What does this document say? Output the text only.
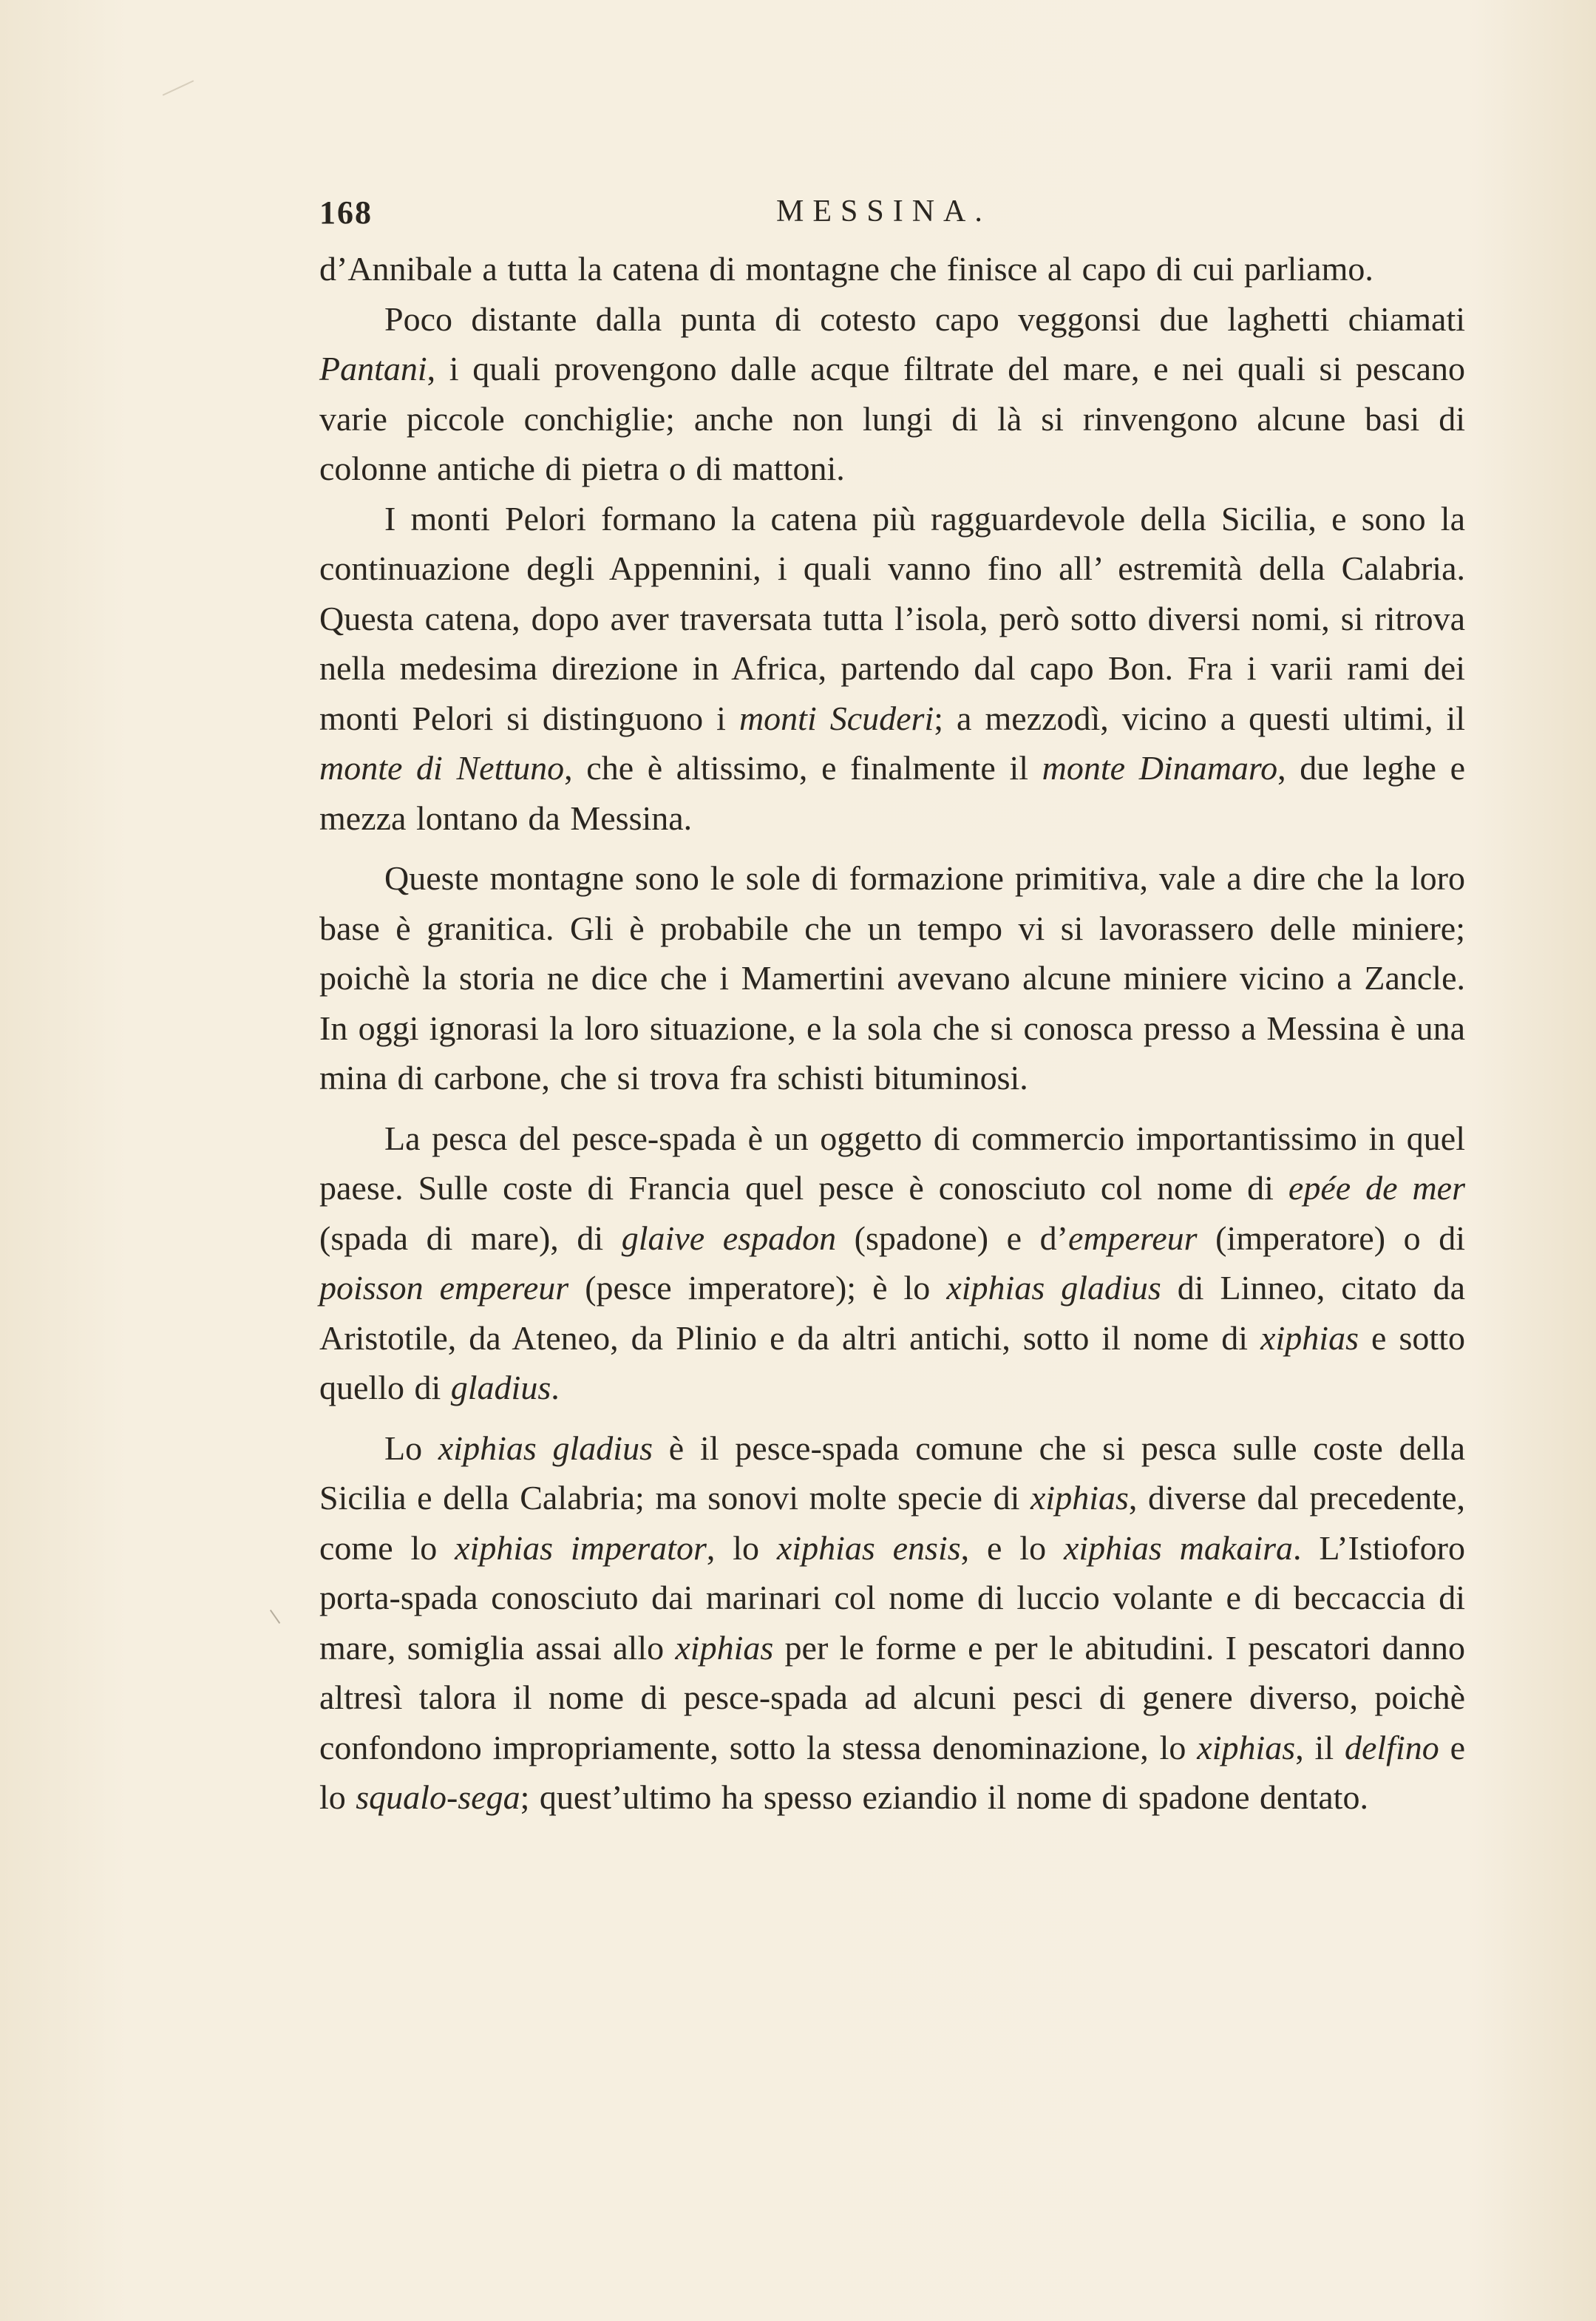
168	MESSINA.

d’Annibale a tutta la catena di montagne che finisce al capo di cui parliamo.

Poco distante dalla punta di cotesto capo veggonsi due laghetti chiamati Pantani, i quali provengono dalle acque filtrate del mare, e nei quali si pescano varie piccole conchiglie; anche non lungi di là si rinvengono alcune basi di colonne antiche di pietra o di mattoni.

I monti Pelori formano la catena più ragguardevole della Sicilia, e sono la continuazione degli Appennini, i quali vanno fino all’ estremità della Calabria. Questa catena, dopo aver traversata tutta l’isola, però sotto diversi nomi, si ritrova nella medesima direzione in Africa, partendo dal capo Bon. Fra i varii rami dei monti Pelori si distinguono i monti Scuderi; a mezzodì, vicino a questi ultimi, il monte di Nettuno, che è altissimo, e finalmente il monte Dinamaro, due leghe e mezza lontano da Messina.

Queste montagne sono le sole di formazione primitiva, vale a dire che la loro base è granitica. Gli è probabile che un tempo vi si lavorassero delle miniere; poichè la storia ne dice che i Mamertini avevano alcune miniere vicino a Zancle. In oggi ignorasi la loro situazione, e la sola che si conosca presso a Messina è una mina di carbone, che si trova fra schisti bituminosi.

La pesca del pesce-spada è un oggetto di commercio importantissimo in quel paese. Sulle coste di Francia quel pesce è conosciuto col nome di epée de mer (spada di mare), di glaive espadon (spadone) e d’empereur (imperatore) o di poisson empereur (pesce imperatore); è lo xiphias gladius di Linneo, citato da Aristotile, da Ateneo, da Plinio e da altri antichi, sotto il nome di xiphias e sotto quello di gladius.

Lo xiphias gladius è il pesce-spada comune che si pesca sulle coste della Sicilia e della Calabria; ma sonovi molte specie di xiphias, diverse dal precedente, come lo xiphias imperator, lo xiphias ensis, e lo xiphias makaira. L’Istioforo porta-spada conosciuto dai marinari col nome di luccio volante e di beccaccia di mare, somiglia assai allo xiphias per le forme e per le abitudini. I pescatori danno altresì talora il nome di pesce-spada ad alcuni pesci di genere diverso, poichè confondono impropriamente, sotto la stessa denominazione, lo xiphias, il delfino e lo squalo-sega; quest’ultimo ha spesso eziandio il nome di spadone dentato.
